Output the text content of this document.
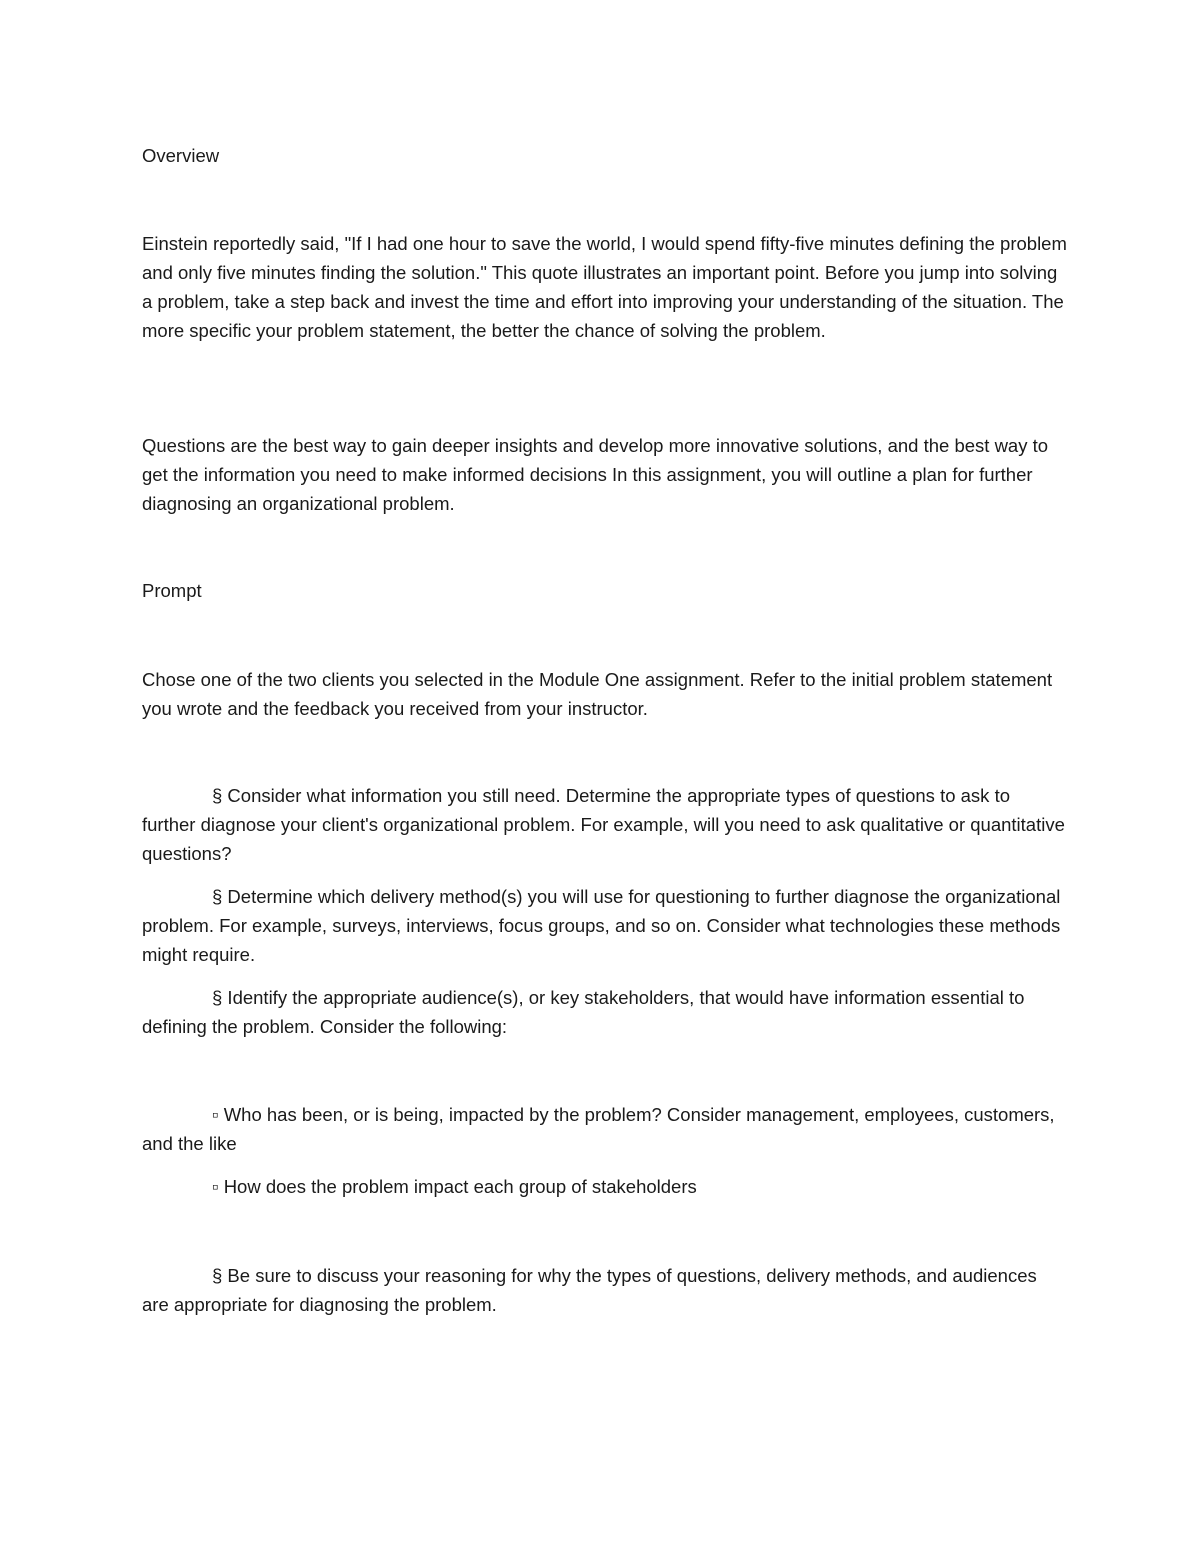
Overview

Einstein reportedly said, "If I had one hour to save the world, I would spend fifty-five minutes defining the problem and only five minutes finding the solution." This quote illustrates an important point. Before you jump into solving a problem, take a step back and invest the time and effort into improving your understanding of the situation. The more specific your problem statement, the better the chance of solving the problem.

Questions are the best way to gain deeper insights and develop more innovative solutions, and the best way to get the information you need to make informed decisions In this assignment, you will outline a plan for further diagnosing an organizational problem.

Prompt

Chose one of the two clients you selected in the Module One assignment. Refer to the initial problem statement you wrote and the feedback you received from your instructor.

§ Consider what information you still need. Determine the appropriate types of questions to ask to further diagnose your client's organizational problem. For example, will you need to ask qualitative or quantitative questions?

§ Determine which delivery method(s) you will use for questioning to further diagnose the organizational problem. For example, surveys, interviews, focus groups, and so on. Consider what technologies these methods might require.

§ Identify the appropriate audience(s), or key stakeholders, that would have information essential to defining the problem. Consider the following:

▫ Who has been, or is being, impacted by the problem? Consider management, employees, customers, and the like

▫ How does the problem impact each group of stakeholders

§ Be sure to discuss your reasoning for why the types of questions, delivery methods, and audiences are appropriate for diagnosing the problem.
